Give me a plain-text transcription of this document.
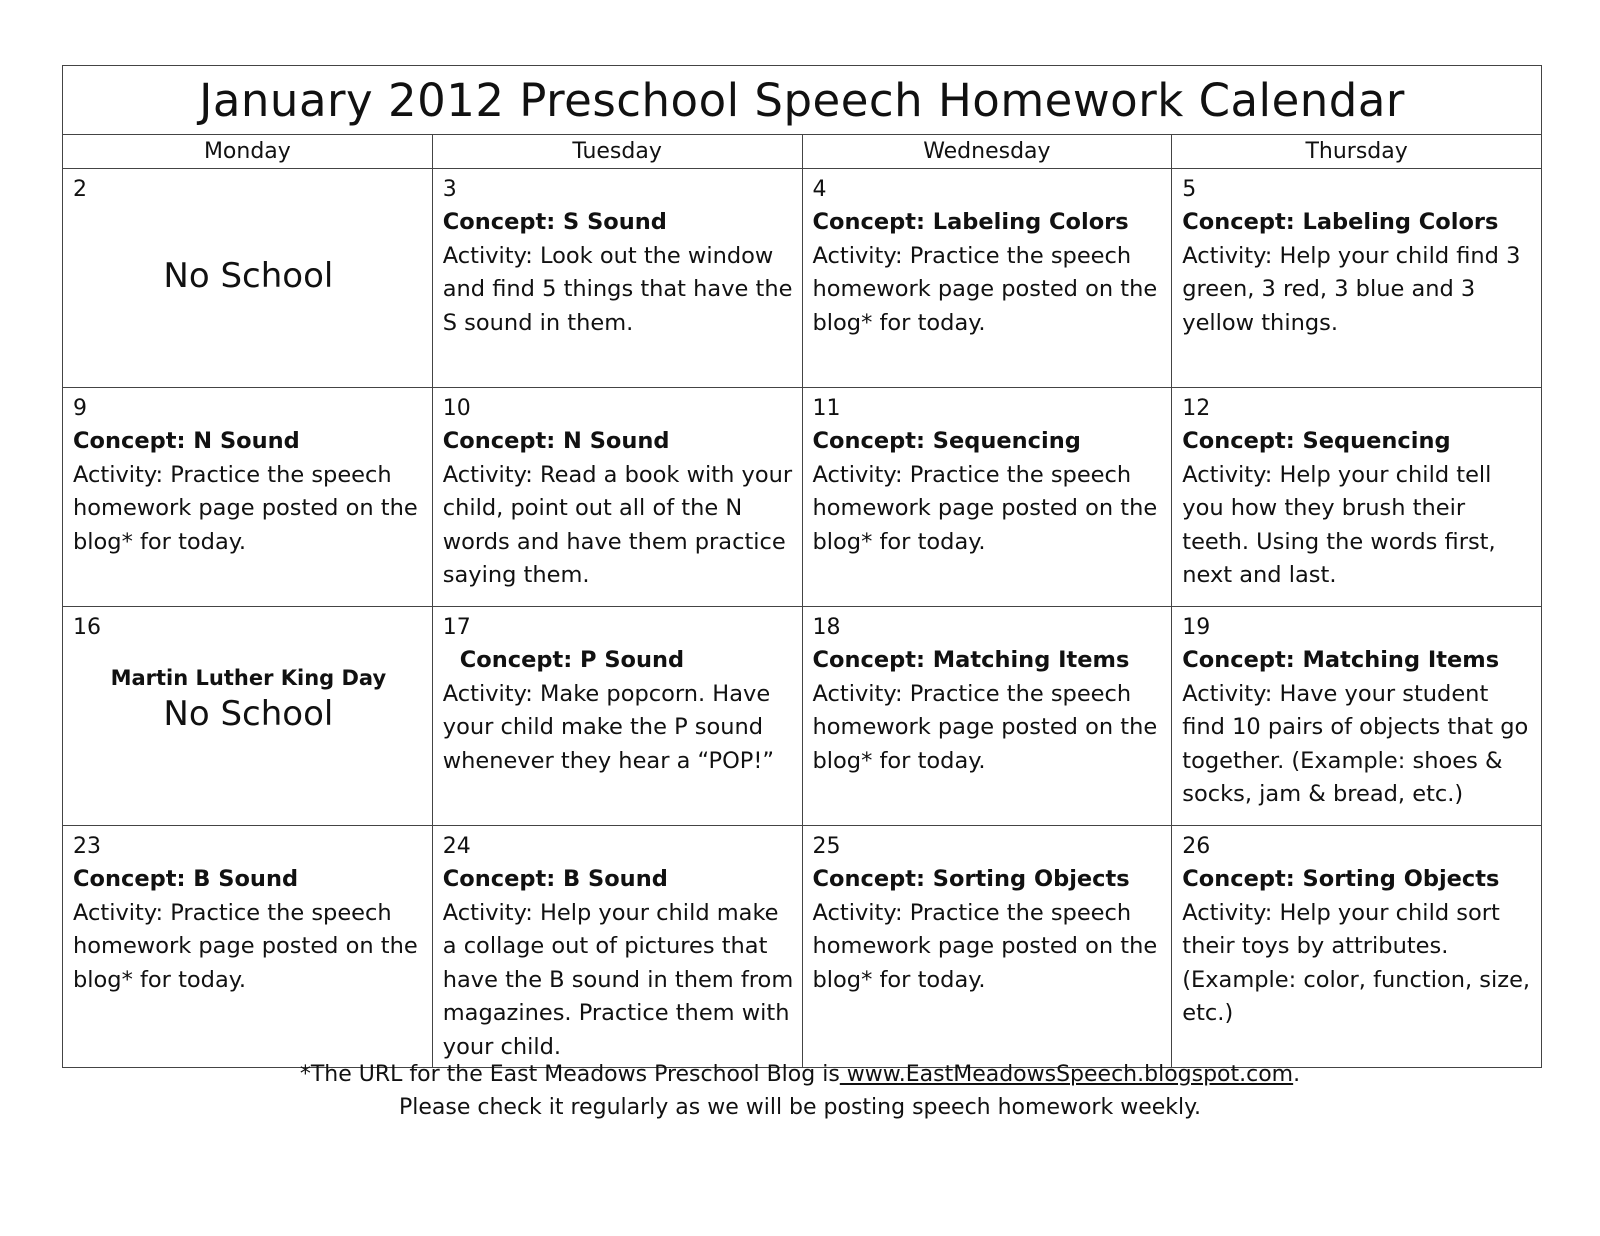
January 2012 Preschool Speech Homework Calendar			
Monday	Tuesday	Wednesday	Thursday

2
No School	3
Concept: S Sound
Activity: Look out the window and find 5 things that have the S sound in them.	4
Concept: Labeling Colors
Activity: Practice the speech homework page posted on the blog* for today.	5
Concept: Labeling Colors
Activity: Help your child find 3 green, 3 red, 3 blue and 3 yellow things.

9
Concept: N Sound
Activity: Practice the speech homework page posted on the blog* for today.	10
Concept: N Sound
Activity: Read a book with your child, point out all of the N words and have them practice saying them.	11
Concept: Sequencing
Activity: Practice the speech homework page posted on the blog* for today.	12
Concept: Sequencing
Activity: Help your child tell you how they brush their teeth. Using the words first, next and last.

16
Martin Luther King Day
No School	17
Concept: P Sound
Activity: Make popcorn. Have your child make the P sound whenever they hear a “POP!”	18
Concept: Matching Items
Activity: Practice the speech homework page posted on the blog* for today.	19
Concept: Matching Items
Activity: Have your student find 10 pairs of objects that go together. (Example: shoes & socks, jam & bread, etc.)

23
Concept: B Sound
Activity: Practice the speech homework page posted on the blog* for today.	24
Concept: B Sound
Activity: Help your child make a collage out of pictures that have the B sound in them from magazines. Practice them with your child.	25
Concept: Sorting Objects
Activity: Practice the speech homework page posted on the blog* for today.	26
Concept: Sorting Objects
Activity: Help your child sort their toys by attributes. (Example: color, function, size, etc.)
*The URL for the East Meadows Preschool Blog is www.EastMeadowsSpeech.blogspot.com.
Please check it regularly as we will be posting speech homework weekly.
